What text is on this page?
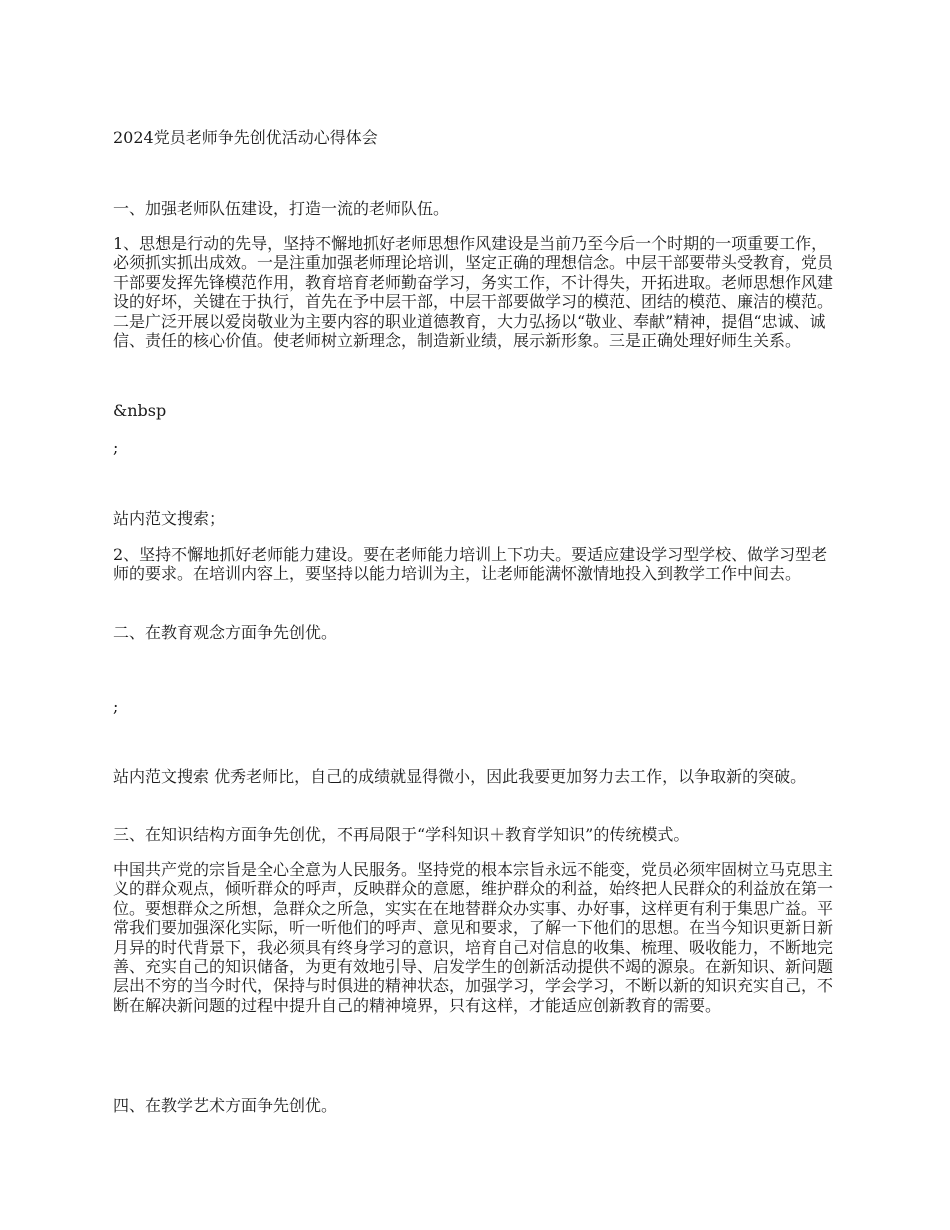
2024党员老师争先创优活动心得体会

一、加强老师队伍建设，打造一流的老师队伍。

1、思想是行动的先导，坚持不懈地抓好老师思想作风建设是当前乃至今后一个时期的一项重要工作，必须抓实抓出成效。一是注重加强老师理论培训，坚定正确的理想信念。中层干部要带头受教育，党员干部要发挥先锋模范作用，教育培育老师勤奋学习，务实工作，不计得失，开拓进取。老师思想作风建设的好坏，关键在于执行，首先在予中层干部，中层干部要做学习的模范、团结的模范、廉洁的模范。二是广泛开展以爱岗敬业为主要内容的职业道德教育，大力弘扬以“敬业、奉献”精神，提倡“忠诚、诚信、责任的核心价值。使老师树立新理念，制造新业绩，展示新形象。三是正确处理好师生关系。

&nbsp

;

站内范文搜索；

2、坚持不懈地抓好老师能力建设。要在老师能力培训上下功夫。要适应建设学习型学校、做学习型老师的要求。在培训内容上，要坚持以能力培训为主，让老师能满怀激情地投入到教学工作中间去。

二、在教育观念方面争先创优。

;

站内范文搜索 优秀老师比，自己的成绩就显得微小，因此我要更加努力去工作，以争取新的突破。

三、在知识结构方面争先创优，不再局限于“学科知识＋教育学知识”的传统模式。

中国共产党的宗旨是全心全意为人民服务。坚持党的根本宗旨永远不能变，党员必须牢固树立马克思主义的群众观点，倾听群众的呼声，反映群众的意愿，维护群众的利益，始终把人民群众的利益放在第一位。要想群众之所想，急群众之所急，实实在在地替群众办实事、办好事，这样更有利于集思广益。平常我们要加强深化实际，听一听他们的呼声、意见和要求，了解一下他们的思想。在当今知识更新日新月异的时代背景下，我必须具有终身学习的意识，培育自己对信息的收集、梳理、吸收能力，不断地完善、充实自己的知识储备，为更有效地引导、启发学生的创新活动提供不竭的源泉。在新知识、新问题层出不穷的当今时代，保持与时俱进的精神状态，加强学习，学会学习，不断以新的知识充实自己，不断在解决新问题的过程中提升自己的精神境界，只有这样，才能适应创新教育的需要。

四、在教学艺术方面争先创优。
